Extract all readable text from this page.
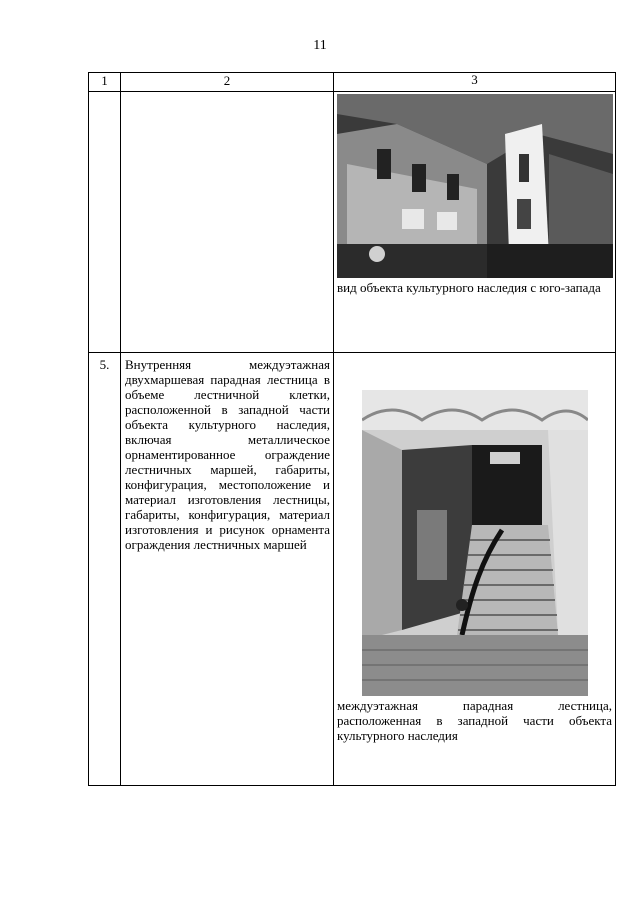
11
1	2	3

		вид объекта культурного наследия с юго-запада

5.	Внутренняя междуэтажная двухмаршевая парадная лестница в объеме лестничной клетки, расположенной в западной части объекта культурного наследия, включая металлическое орнаментированное ограждение лестничных маршей, габариты, конфигурация, местоположение и материал изготовления лестницы, габариты, конфигурация, материал изготовления и рисунок орнамента ограждения лестничных маршей	междуэтажная парадная лестница, расположенная в западной части объекта культурного наследия
